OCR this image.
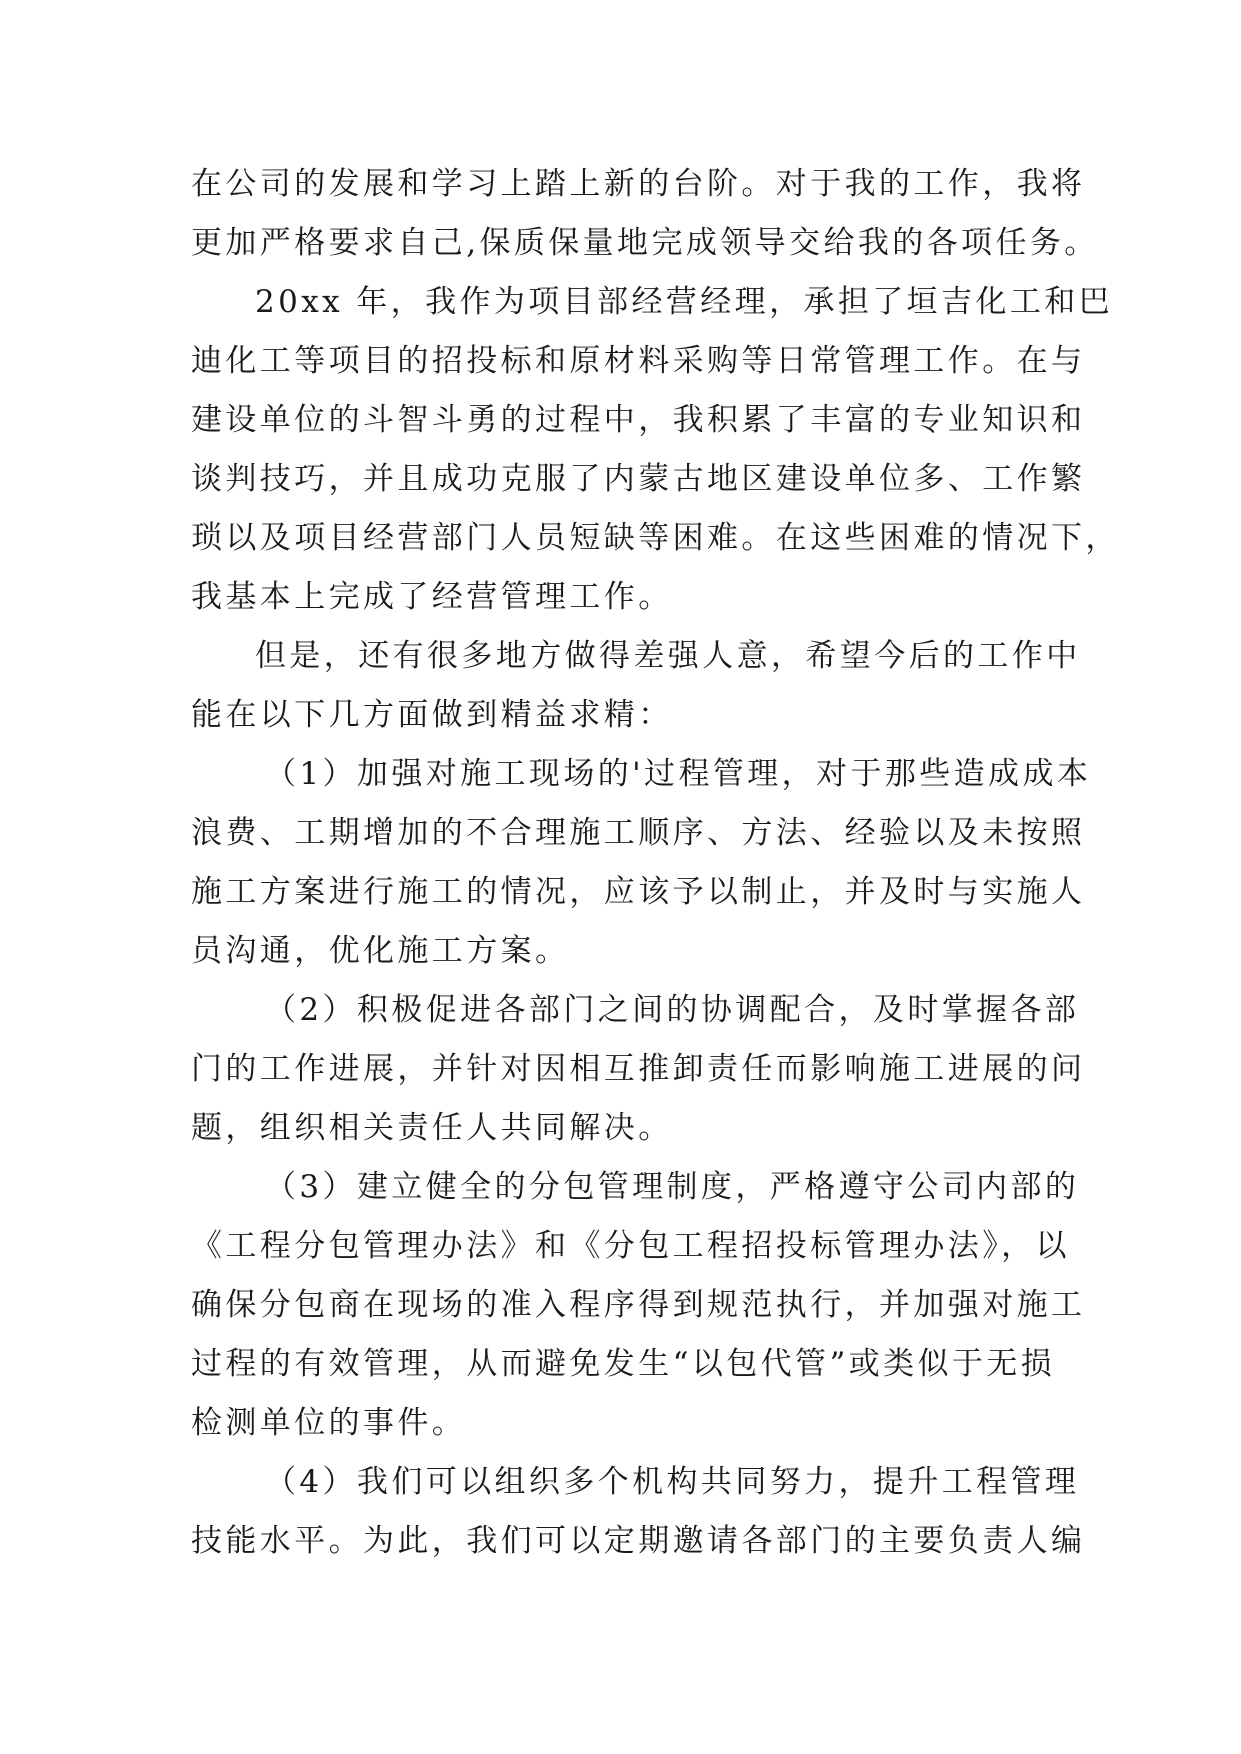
在公司的发展和学习上踏上新的台阶。对于我的工作，我将
更加严格要求自己,保质保量地完成领导交给我的各项任务。
20xx 年，我作为项目部经营经理，承担了垣吉化工和巴
迪化工等项目的招投标和原材料采购等日常管理工作。在与
建设单位的斗智斗勇的过程中，我积累了丰富的专业知识和
谈判技巧，并且成功克服了内蒙古地区建设单位多、工作繁
琐以及项目经营部门人员短缺等困难。在这些困难的情况下，
我基本上完成了经营管理工作。
但是，还有很多地方做得差强人意，希望今后的工作中
能在以下几方面做到精益求精：
（1）加强对施工现场的'过程管理，对于那些造成成本
浪费、工期增加的不合理施工顺序、方法、经验以及未按照
施工方案进行施工的情况，应该予以制止，并及时与实施人
员沟通，优化施工方案。
（2）积极促进各部门之间的协调配合，及时掌握各部
门的工作进展，并针对因相互推卸责任而影响施工进展的问
题，组织相关责任人共同解决。
（3）建立健全的分包管理制度，严格遵守公司内部的
《工程分包管理办法》和《分包工程招投标管理办法》，以
确保分包商在现场的准入程序得到规范执行，并加强对施工
过程的有效管理，从而避免发生“以包代管”或类似于无损
检测单位的事件。
（4）我们可以组织多个机构共同努力，提升工程管理
技能水平。为此，我们可以定期邀请各部门的主要负责人编
